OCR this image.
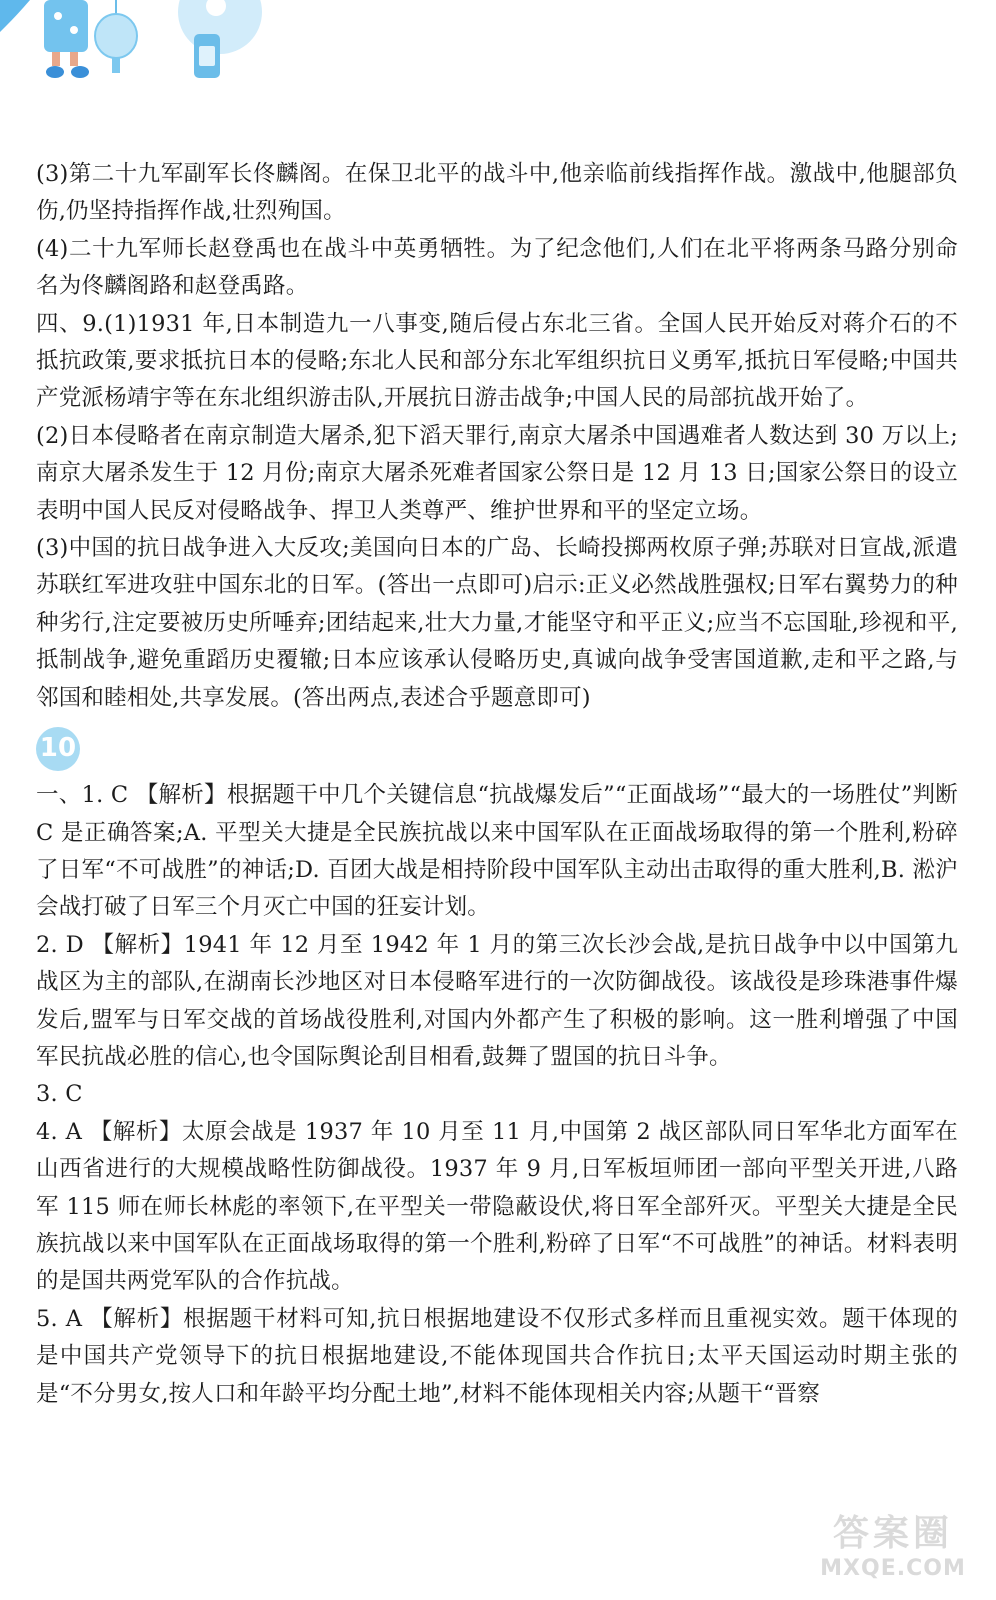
(3)第二十九军副军长佟麟阁。在保卫北平的战斗中,他亲临前线指挥作战。激战中,他腿部负伤,仍坚持指挥作战,壮烈殉国。

(4)二十九军师长赵登禹也在战斗中英勇牺牲。为了纪念他们,人们在北平将两条马路分别命名为佟麟阁路和赵登禹路。

四、9.(1)1931 年,日本制造九一八事变,随后侵占东北三省。全国人民开始反对蒋介石的不抵抗政策,要求抵抗日本的侵略;东北人民和部分东北军组织抗日义勇军,抵抗日军侵略;中国共产党派杨靖宇等在东北组织游击队,开展抗日游击战争;中国人民的局部抗战开始了。

(2)日本侵略者在南京制造大屠杀,犯下滔天罪行,南京大屠杀中国遇难者人数达到 30 万以上;南京大屠杀发生于 12 月份;南京大屠杀死难者国家公祭日是 12 月 13 日;国家公祭日的设立表明中国人民反对侵略战争、捍卫人类尊严、维护世界和平的坚定立场。

(3)中国的抗日战争进入大反攻;美国向日本的广岛、长崎投掷两枚原子弹;苏联对日宣战,派遣苏联红军进攻驻中国东北的日军。(答出一点即可)启示:正义必然战胜强权;日军右翼势力的种种劣行,注定要被历史所唾弃;团结起来,壮大力量,才能坚守和平正义;应当不忘国耻,珍视和平,抵制战争,避免重蹈历史覆辙;日本应该承认侵略历史,真诚向战争受害国道歉,走和平之路,与邻国和睦相处,共享发展。(答出两点,表述合乎题意即可)

10

一、1. C 【解析】根据题干中几个关键信息“抗战爆发后”“正面战场”“最大的一场胜仗”判断 C 是正确答案;A. 平型关大捷是全民族抗战以来中国军队在正面战场取得的第一个胜利,粉碎了日军“不可战胜”的神话;D. 百团大战是相持阶段中国军队主动出击取得的重大胜利,B. 淞沪会战打破了日军三个月灭亡中国的狂妄计划。

2. D 【解析】1941 年 12 月至 1942 年 1 月的第三次长沙会战,是抗日战争中以中国第九战区为主的部队,在湖南长沙地区对日本侵略军进行的一次防御战役。该战役是珍珠港事件爆发后,盟军与日军交战的首场战役胜利,对国内外都产生了积极的影响。这一胜利增强了中国军民抗战必胜的信心,也令国际舆论刮目相看,鼓舞了盟国的抗日斗争。

3. C

4. A 【解析】太原会战是 1937 年 10 月至 11 月,中国第 2 战区部队同日军华北方面军在山西省进行的大规模战略性防御战役。1937 年 9 月,日军板垣师团一部向平型关开进,八路军 115 师在师长林彪的率领下,在平型关一带隐蔽设伏,将日军全部歼灭。平型关大捷是全民族抗战以来中国军队在正面战场取得的第一个胜利,粉碎了日军“不可战胜”的神话。材料表明的是国共两党军队的合作抗战。

5. A 【解析】根据题干材料可知,抗日根据地建设不仅形式多样而且重视实效。题干体现的是中国共产党领导下的抗日根据地建设,不能体现国共合作抗日;太平天国运动时期主张的是“不分男女,按人口和年龄平均分配土地”,材料不能体现相关内容;从题干“晋察

答案圈
MXQE.COM
